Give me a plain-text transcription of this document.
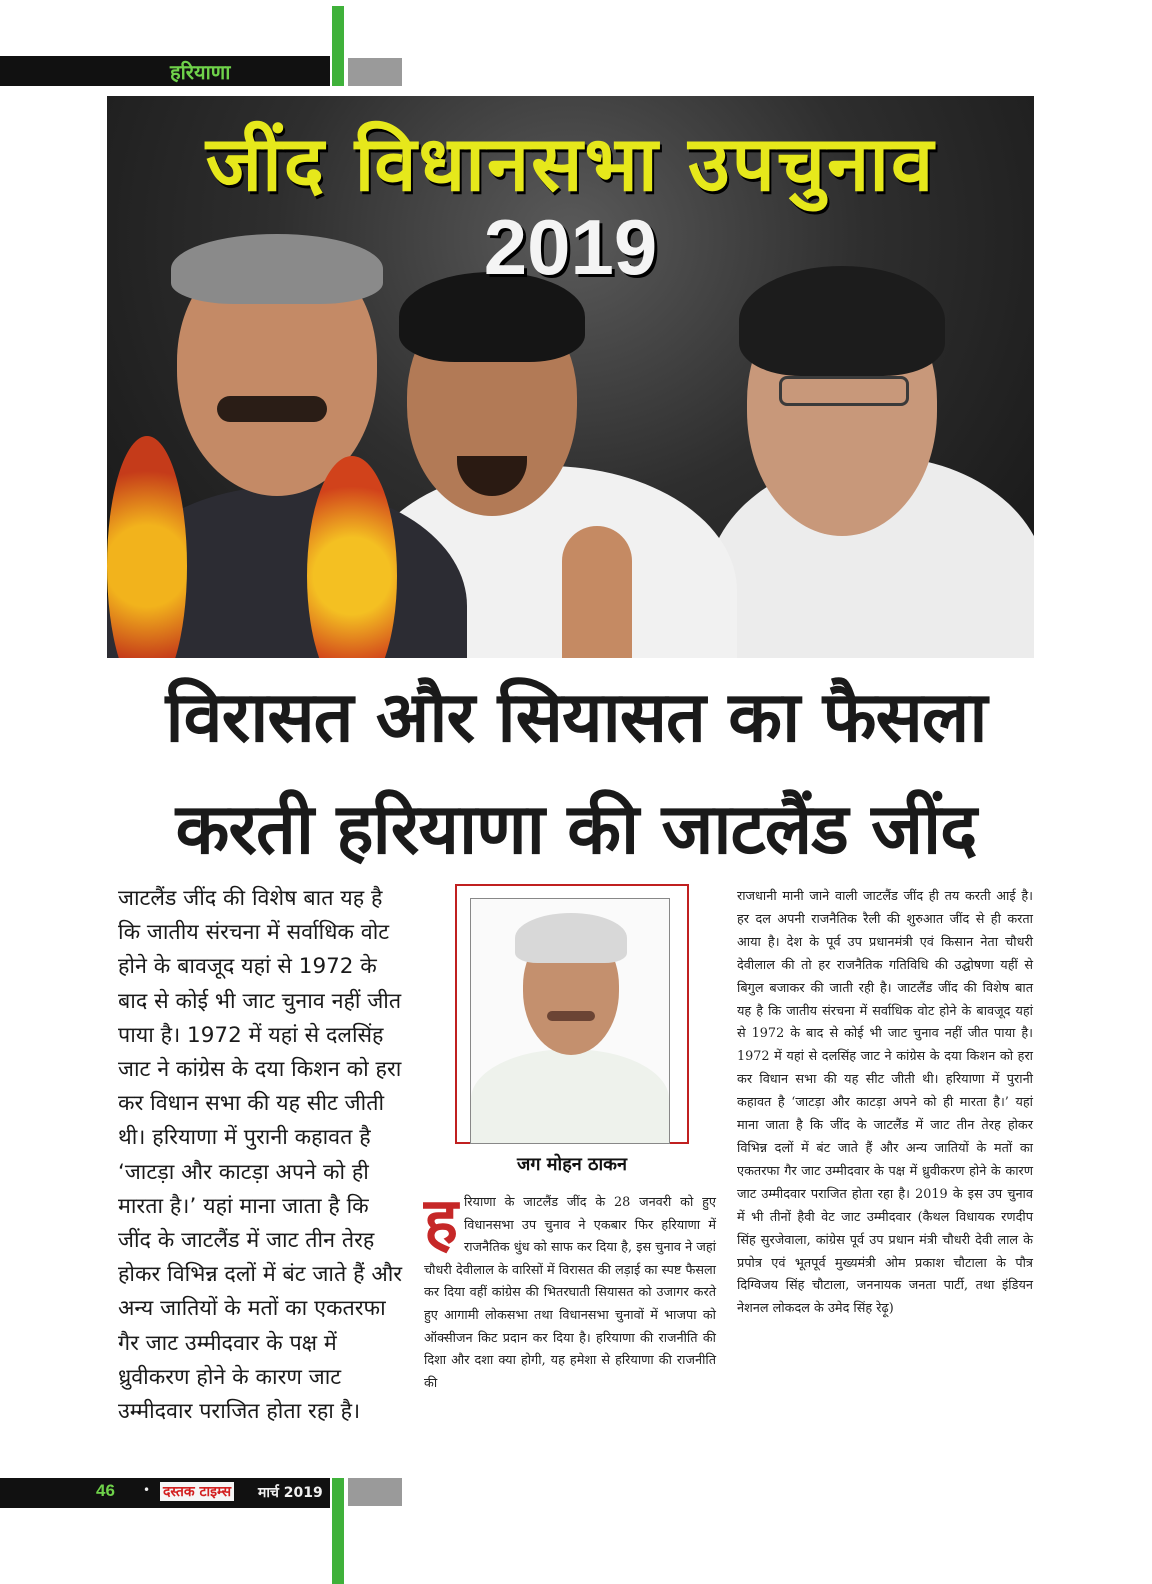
हरियाणा
जींद विधानसभा उपचुनाव
2019
विरासत और सियासत का फैसला
करती हरियाणा की जाटलैंड जींद
जाटलैंड जींद की विशेष बात यह है कि जातीय संरचना में सर्वाधिक वोट होने के बावजूद यहां से 1972 के बाद से कोई भी जाट चुनाव नहीं जीत पाया है। 1972 में यहां से दलसिंह जाट ने कांग्रेस के दया किशन को हरा कर विधान सभा की यह सीट जीती थी। हरियाणा में पुरानी कहावत है ‘जाटड़ा और काटड़ा अपने को ही मारता है।’ यहां माना जाता है कि जींद के जाटलैंड में जाट तीन तेरह होकर विभिन्न दलों में बंट जाते हैं और अन्य जातियों के मतों का एकतरफा गैर जाट उम्मीदवार के पक्ष में ध्रुवीकरण होने के कारण जाट उम्मीदवार पराजित होता रहा है।
जग मोहन ठाकन
हरियाणा के जाटलैंड जींद के 28 जनवरी को हुए विधानसभा उप चुनाव ने एकबार फिर हरियाणा में राजनैतिक धुंध को साफ कर दिया है, इस चुनाव ने जहां चौधरी देवीलाल के वारिसों में विरासत की लड़ाई का स्पष्ट फैसला कर दिया वहीं कांग्रेस की भितरघाती सियासत को उजागर करते हुए आगामी लोकसभा तथा विधानसभा चुनावों में भाजपा को ऑक्सीजन किट प्रदान कर दिया है। हरियाणा की राजनीति की दिशा और दशा क्या होगी, यह हमेशा से हरियाणा की राजनीति की
राजधानी मानी जाने वाली जाटलैंड जींद ही तय करती आई है। हर दल अपनी राजनैतिक रैली की शुरुआत जींद से ही करता आया है। देश के पूर्व उप प्रधानमंत्री एवं किसान नेता चौधरी देवीलाल की तो हर राजनैतिक गतिविधि की उद्घोषणा यहीं से बिगुल बजाकर की जाती रही है। जाटलैंड जींद की विशेष बात यह है कि जातीय संरचना में सर्वाधिक वोट होने के बावजूद यहां से 1972 के बाद से कोई भी जाट चुनाव नहीं जीत पाया है। 1972 में यहां से दलसिंह जाट ने कांग्रेस के दया किशन को हरा कर विधान सभा की यह सीट जीती थी। हरियाणा में पुरानी कहावत है ‘जाटड़ा और काटड़ा अपने को ही मारता है।’ यहां माना जाता है कि जींद के जाटलैंड में जाट तीन तेरह होकर विभिन्न दलों में बंट जाते हैं और अन्य जातियों के मतों का एकतरफा गैर जाट उम्मीदवार के पक्ष में ध्रुवीकरण होने के कारण जाट उम्मीदवार पराजित होता रहा है। 2019 के इस उप चुनाव में भी तीनों हैवी वेट जाट उम्मीदवार (कैथल विधायक रणदीप सिंह सुरजेवाला, कांग्रेस पूर्व उप प्रधान मंत्री चौधरी देवी लाल के प्रपोत्र एवं भूतपूर्व मुख्यमंत्री ओम प्रकाश चौटाला के पौत्र दिग्विजय सिंह चौटाला, जननायक जनता पार्टी, तथा इंडियन नेशनल लोकदल के उमेद सिंह रेढ़ू)
46 • दस्तक टाइम्स मार्च 2019
